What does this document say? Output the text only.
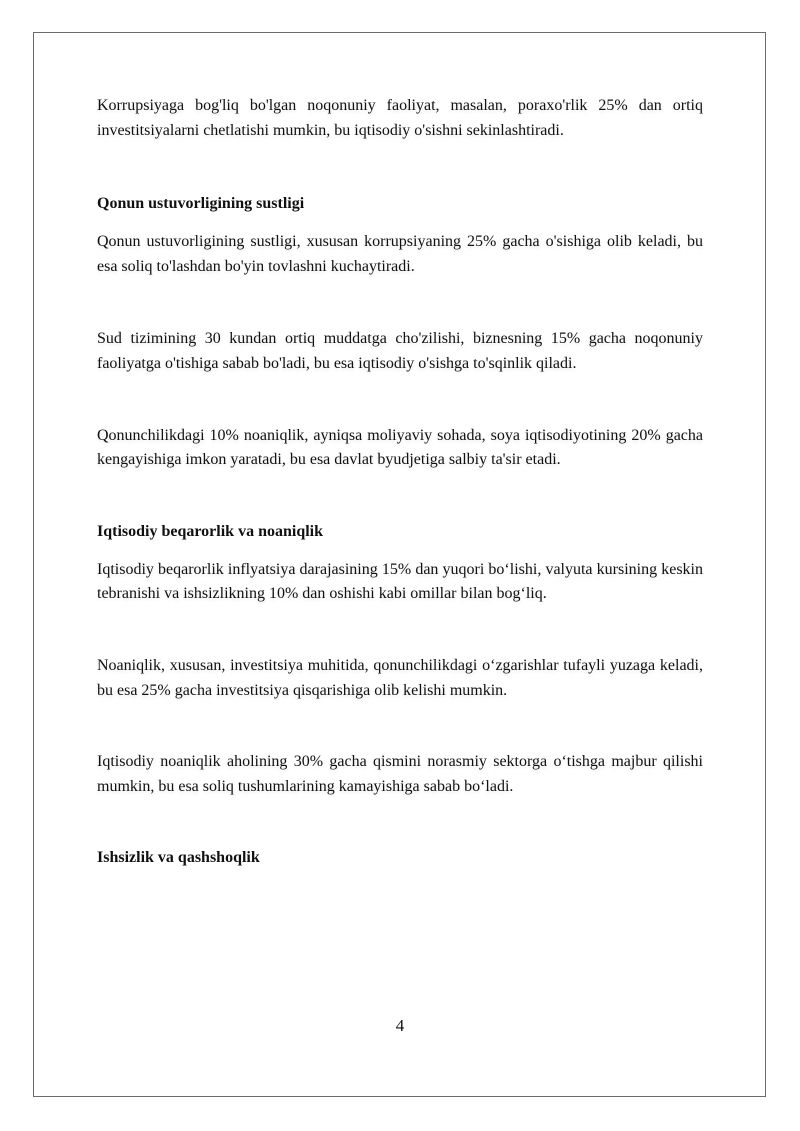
Korrupsiyaga bog'liq bo'lgan noqonuniy faoliyat, masalan, poraxo'rlik 25% dan ortiq investitsiyalarni chetlatishi mumkin, bu iqtisodiy o'sishni sekinlashtiradi.

Qonun ustuvorligining sustligi

Qonun ustuvorligining sustligi, xususan korrupsiyaning 25% gacha o'sishiga olib keladi, bu esa soliq to'lashdan bo'yin tovlashni kuchaytiradi.

Sud tizimining 30 kundan ortiq muddatga cho'zilishi, biznesning 15% gacha noqonuniy faoliyatga o'tishiga sabab bo'ladi, bu esa iqtisodiy o'sishga to'sqinlik qiladi.

Qonunchilikdagi 10% noaniqlik, ayniqsa moliyaviy sohada, soya iqtisodiyotining 20% gacha kengayishiga imkon yaratadi, bu esa davlat byudjetiga salbiy ta'sir etadi.

Iqtisodiy beqarorlik va noaniqlik

Iqtisodiy beqarorlik inflyatsiya darajasining 15% dan yuqori bo‘lishi, valyuta kursining keskin tebranishi va ishsizlikning 10% dan oshishi kabi omillar bilan bog‘liq.

Noaniqlik, xususan, investitsiya muhitida, qonunchilikdagi o‘zgarishlar tufayli yuzaga keladi, bu esa 25% gacha investitsiya qisqarishiga olib kelishi mumkin.

Iqtisodiy noaniqlik aholining 30% gacha qismini norasmiy sektorga o‘tishga majbur qilishi mumkin, bu esa soliq tushumlarining kamayishiga sabab bo‘ladi.

Ishsizlik va qashshoqlik
4
